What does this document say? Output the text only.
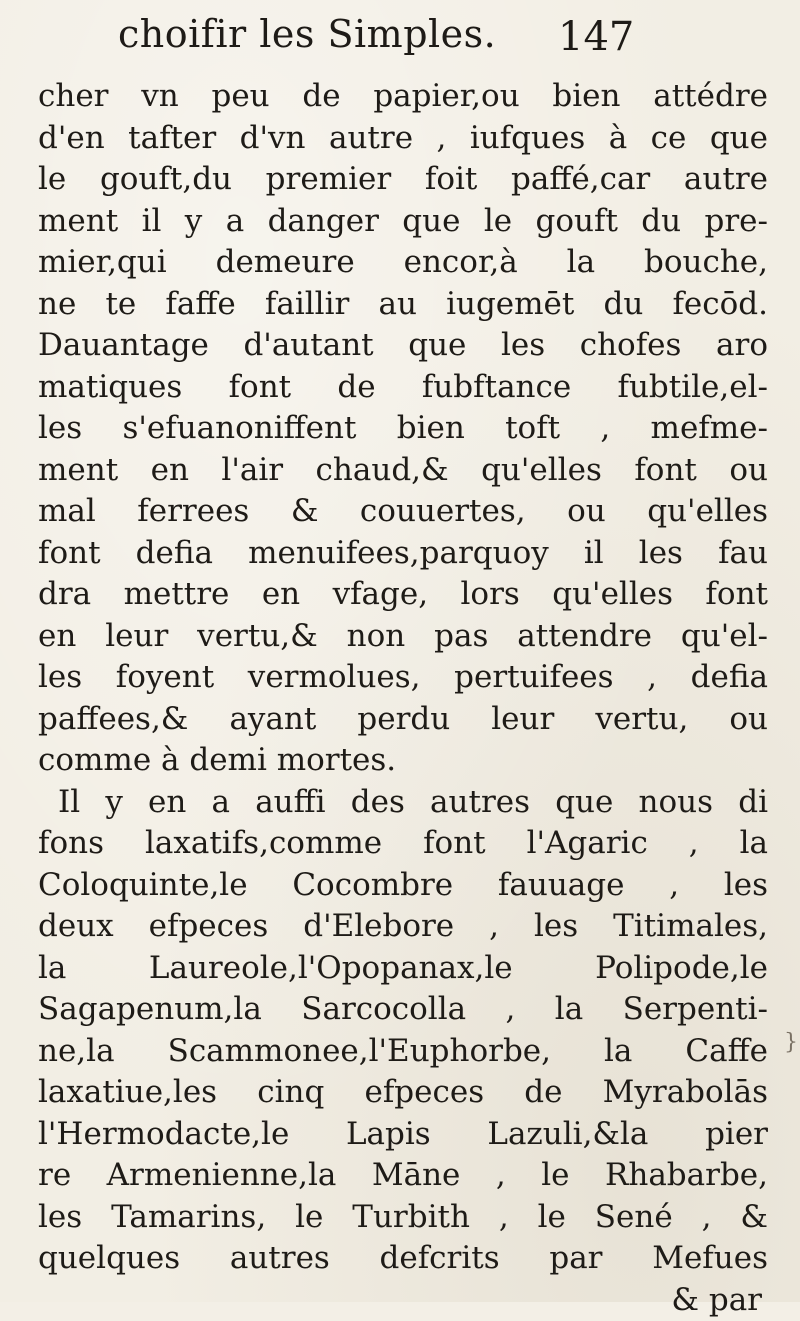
choifir les Simples.	147
cher vn peu de papier,ou bien attédre
d'en tafter d'vn autre , iufques à ce que
le gouft,du premier foit paffé,car autre
ment il y a danger que le gouft du pre-
mier,qui demeure encor,à la bouche,
ne te faffe faillir au iugemēt du fecōd.
Dauantage d'autant que les chofes aro
matiques font de fubftance fubtile,el-
les s'efuanoniffent bien toft , mefme-
ment en l'air chaud,& qu'elles font ou
mal ferrees & couuertes, ou qu'elles
font defia menuifees,parquoy il les fau
dra mettre en vfage, lors qu'elles font
en leur vertu,& non pas attendre qu'el-
les foyent vermolues, pertuifees , defia
paffees,& ayant perdu leur vertu, ou
comme à demi mortes.
Il y en a auffi des autres que nous di
fons laxatifs,comme font l'Agaric , la
Coloquinte,le Cocombre fauuage , les
deux efpeces d'Elebore , les Titimales,
la Laureole,l'Opopanax,le Polipode,le
Sagapenum,la Sarcocolla , la Serpenti-
ne,la Scammonee,l'Euphorbe, la Caffe
laxatiue,les cinq efpeces de Myrabolās
l'Hermodacte,le Lapis Lazuli,&la pier
re Armenienne,la Māne , le Rhabarbe,
les Tamarins, le Turbith , le Sené , &
quelques autres defcrits par Mefues
& par
}
